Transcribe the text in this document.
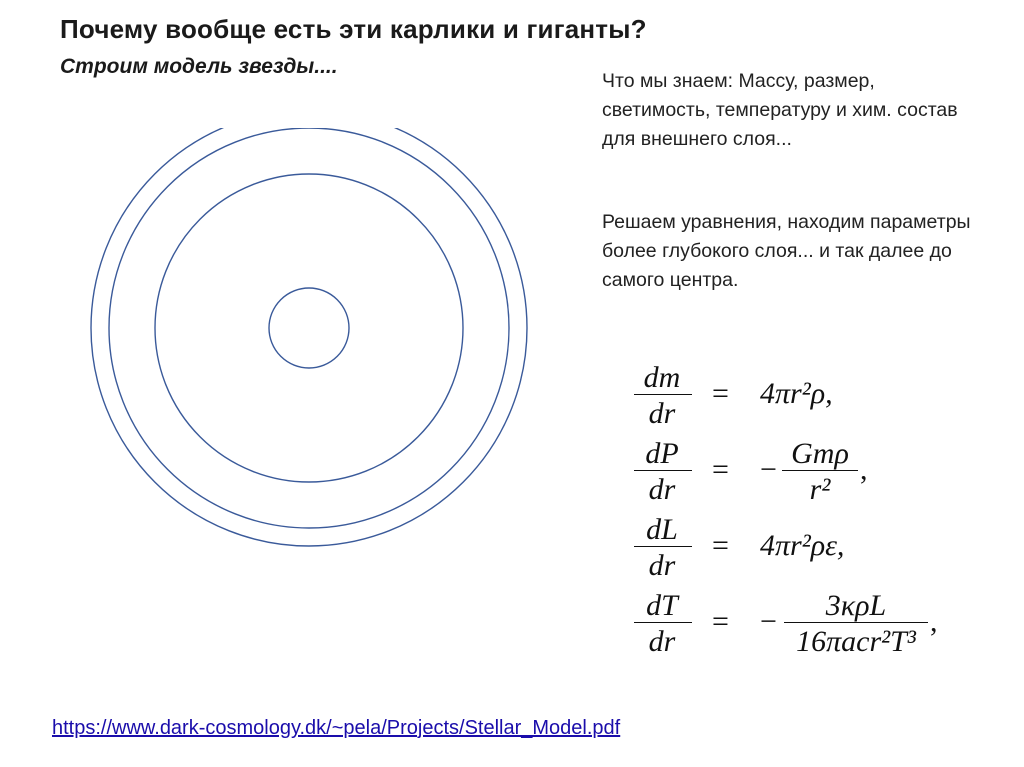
Почему вообще есть эти карлики и гиганты?
Строим модель звезды....

Что мы знаем: Массу, размер, светимость, температуру и хим. состав для внешнего слоя...

Решаем уравнения, находим параметры более глубокого слоя... и так далее до самого центра.

dm
dr
= 4πr²ρ,
dP
dr
= − Gmρ
r²
,
dL
dr
= 4πr²ρε,
dT
dr
= −	3κρL
16πacr²T³
,
https://www.dark-cosmology.dk/~pela/Projects/Stellar_Model.pdf
